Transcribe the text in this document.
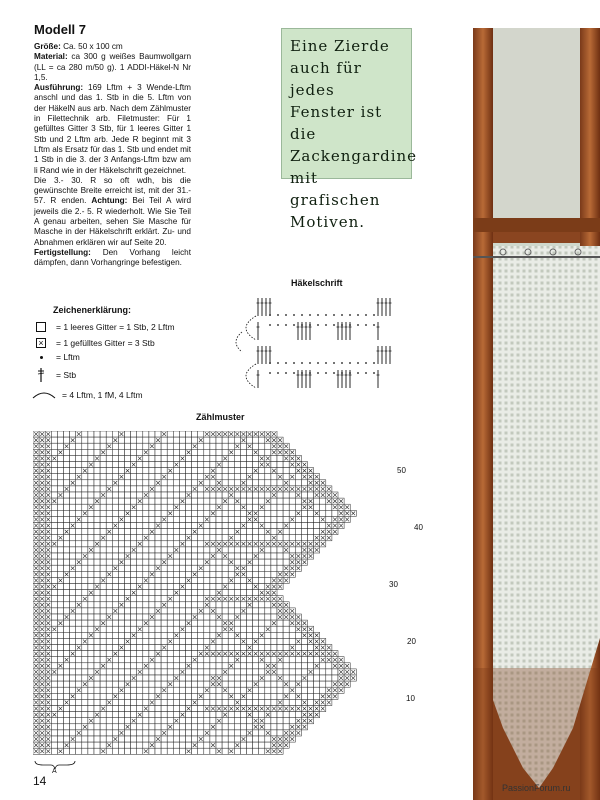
Modell 7

Größe: Ca. 50 x 100 cm

Material: ca 300 g weißes Baumwollgarn (LL = ca 280 m/50 g). 1 ADDI-Häkel-N Nr 1,5.

Ausführung: 169 Lftm + 3 Wende-Lftm anschl und das 1. Stb in die 5. Lftm von der HäkelN aus arb. Nach dem Zählmuster in Filettechnik arb. Filetmuster: Für 1 gefülltes Gitter 3 Stb, für 1 leeres Gitter 1 Stb und 2 Lftm arb. Jede R beginnt mit 3 Lftm als Ersatz für das 1. Stb und endet mit 1 Stb in die 3. der 3 Anfangs-Lftm bzw am li Rand wie in der Häkelschrift gezeichnet.

Die 3.- 30. R so oft wdh, bis die gewünschte Breite erreicht ist, mit der 31.- 57. R enden. Achtung: Bei Teil A wird jeweils die 2.- 5. R wiederholt. Wie Sie Teil A genau arbeiten, sehen Sie Masche für Masche in der Häkelschrift erklärt. Zu- und Abnahmen erklären wir auf Seite 20.

Fertigstellung: Den Vorhang leicht dämpfen, dann Vorhangringe befestigen.

Eine Zierde
auch für jedes
Fenster ist die
Zackengardine
mit grafischen
Motiven.
Zeichenerklärung:
= 1 leeres Gitter = 1 Stb, 2 Lftm
× = 1 gefülltes Gitter = 3 Stb
= Lftm
= Stb
= 4 Lftm, 1 fM, 4 Lftm
Häkelschrift
Zählmuster
50
40
30
20
10
A
14	PassionForum.ru
